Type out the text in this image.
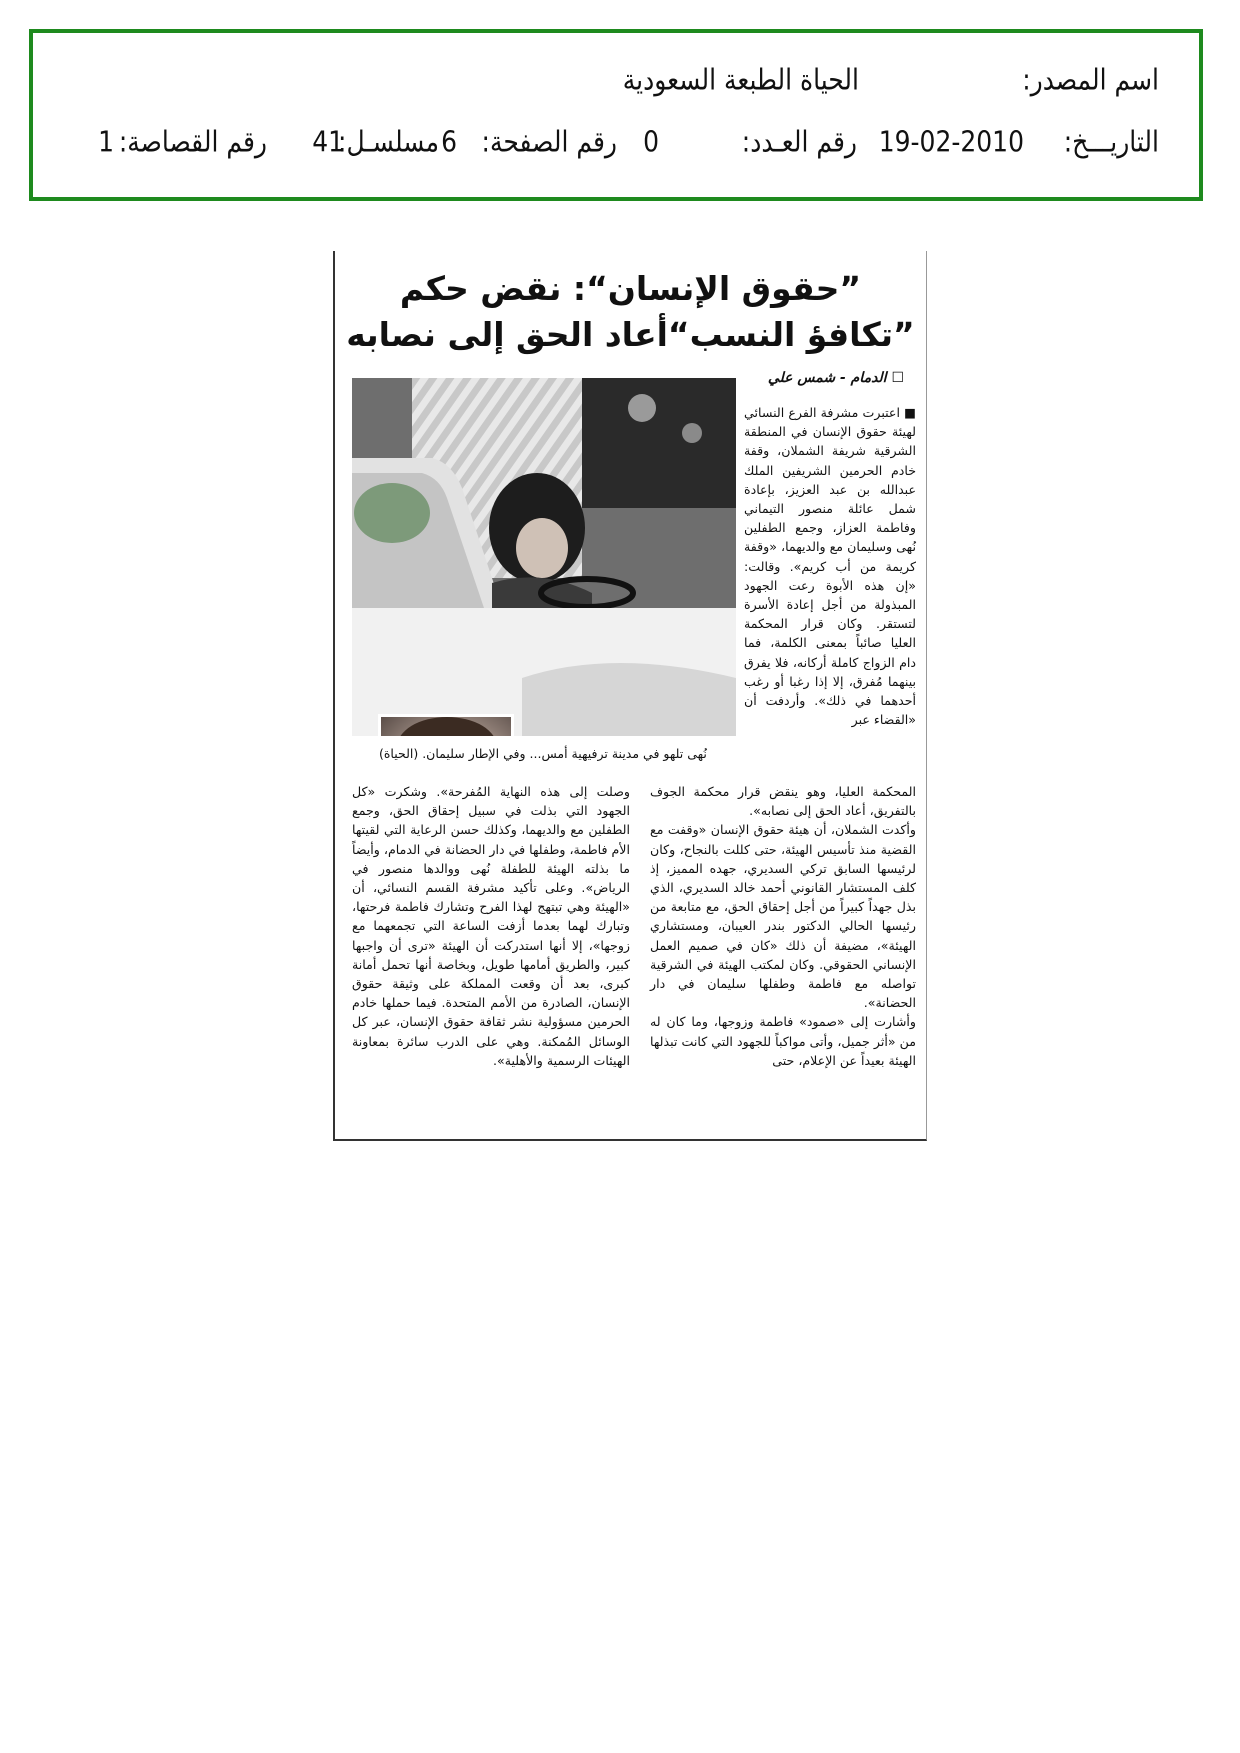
اسم المصدر:
الحياة الطبعة السعودية
التاريـــخ:
19-02-2010
رقم العـدد:
0
رقم الصفحة:
6
مسلسـل:
41
رقم القصاصة:
1
”حقوق الإنسان“: نقض حكم
”تكافؤ النسب“أعاد الحق إلى نصابه
☐ الدمام - شمس علي
نُهى تلهو في مدينة ترفيهية أمس... وفي الإطار سليمان. (الحياة)

■ اعتبرت مشرفة الفرع النسائي لهيئة حقوق الإنسان في المنطقة الشرقية شريفة الشملان، وقفة خادم الحرمين الشريفين الملك عبدالله بن عبد العزيز، بإعادة شمل عائلة منصور التيماني وفاطمة العزاز، وجمع الطفلين نُهى وسليمان مع والديهما، «وقفة كريمة من أب كريم». وقالت: «إن هذه الأبوة رعت الجهود المبذولة من أجل إعادة الأسرة لتستقر. وكان قرار المحكمة العليا صائباً بمعنى الكلمة، فما دام الزواج كاملة أركانه، فلا يفرق بينهما مُفرق، إلا إذا رغبا أو رغب أحدهما في ذلك». وأردفت أن «القضاء عبر

المحكمة العليا، وهو ينقض قرار محكمة الجوف بالتفريق، أعاد الحق إلى نصابه».

وأكدت الشملان، أن هيئة حقوق الإنسان «وقفت مع القضية منذ تأسيس الهيئة، حتى كللت بالنجاح، وكان لرئيسها السابق تركي السديري، جهده المميز، إذ كلف المستشار القانوني أحمد خالد السديري، الذي بذل جهداً كبيراً من أجل إحقاق الحق، مع متابعة من رئيسها الحالي الدكتور بندر العيبان، ومستشاري الهيئة»، مضيفة أن ذلك «كان في صميم العمل الإنساني الحقوقي. وكان لمكتب الهيئة في الشرقية تواصله مع فاطمة وطفلها سليمان في دار الحضانة».

وأشارت إلى «صمود» فاطمة وزوجها، وما كان له من «أثر جميل، وأتى مواكباً للجهود التي كانت تبذلها الهيئة بعيداً عن الإعلام، حتى

وصلت إلى هذه النهاية المُفرحة». وشكرت «كل الجهود التي بذلت في سبيل إحقاق الحق، وجمع الطفلين مع والديهما، وكذلك حسن الرعاية التي لقيتها الأم فاطمة، وطفلها في دار الحضانة في الدمام، وأيضاً ما بذلته الهيئة للطفلة نُهى ووالدها منصور في الرياض». وعلى تأكيد مشرفة القسم النسائي، أن «الهيئة وهي تبتهج لهذا الفرح وتشارك فاطمة فرحتها، وتبارك لهما بعدما أزفت الساعة التي تجمعهما مع زوجها»، إلا أنها استدركت أن الهيئة «ترى أن واجبها كبير، والطريق أمامها طويل، وبخاصة أنها تحمل أمانة كبرى، بعد أن وقعت المملكة على وثيقة حقوق الإنسان، الصادرة من الأمم المتحدة. فيما حملها خادم الحرمين مسؤولية نشر ثقافة حقوق الإنسان، عبر كل الوسائل المُمكنة. وهي على الدرب سائرة بمعاونة الهيئات الرسمية والأهلية».
